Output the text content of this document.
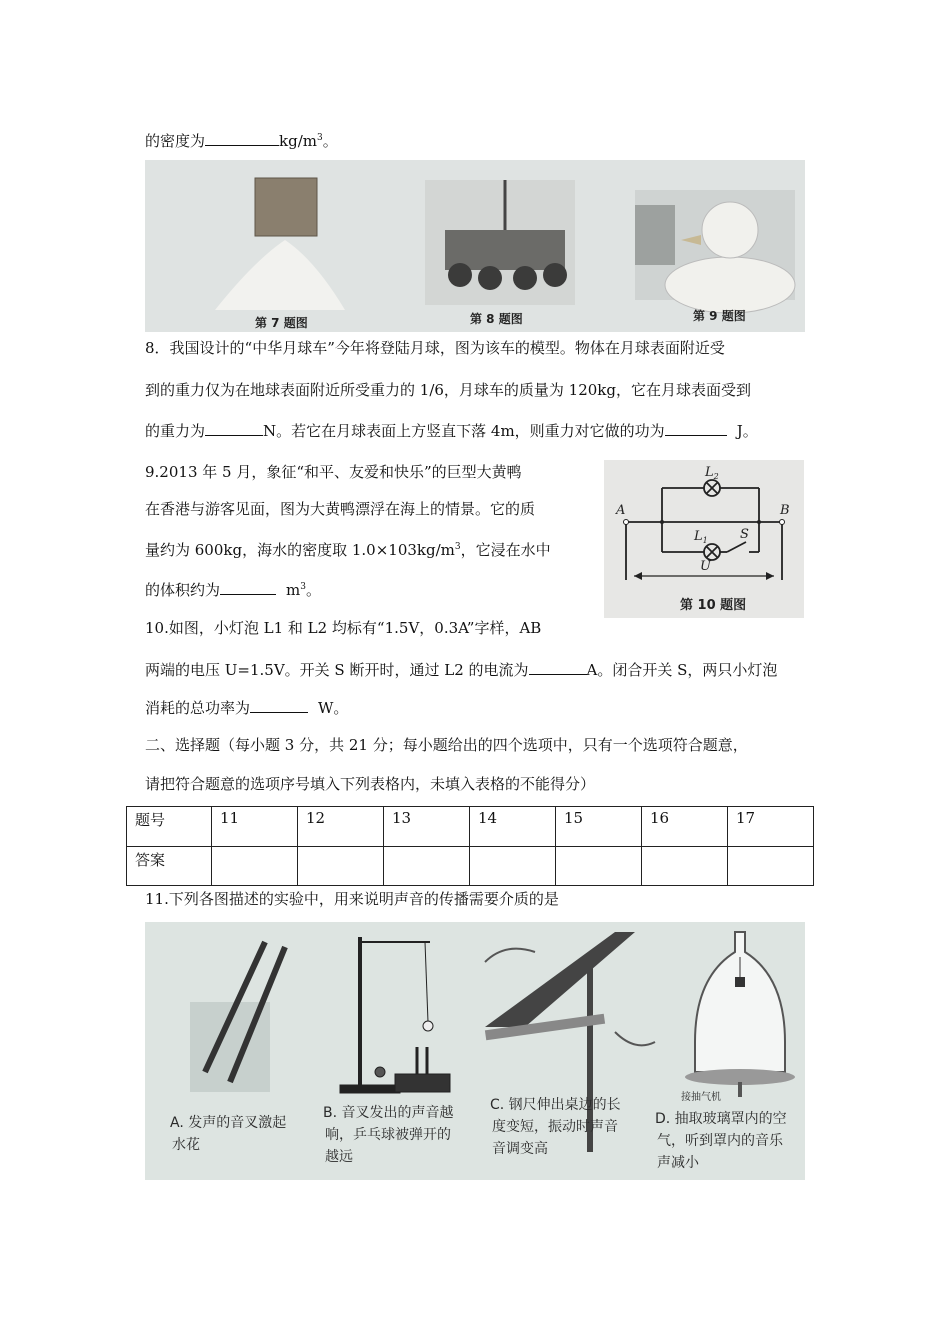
的密度为	$kg/m^3$。
第 7 题图	第 8 题图	第 9 题图
8．我国设计的“中华月球车”今年将登陆月球，图为该车的模型。物体在月球表面附近受
到的重力仅为在地球表面附近所受重力的 1/6，月球车的质量为 120kg，它在月球表面受到
的重力为	N。若它在月球表面上方竖直下落 4m，则重力对它做的功为	J。
9.2013 年 5 月，象征“和平、友爱和快乐”的巨型大黄鸭
在香港与游客见面，图为大黄鸭漂浮在海上的情景。它的质
量约为 600kg，海水的密度取 $1.0\times 103kg/m^3$，它浸在水中
的体积约为	$m^3$。
A	B
$L_2$
$L_1$ S
U
第 10 题图
10.如图，小灯泡 L1 和 L2 均标有“1.5V，0.3A”字样，AB
两端的电压 U=1.5V。开关 S 断开时，通过 L2 的电流为	A。闭合开关 S，两只小灯泡
消耗的总功率为	W。
二、选择题（每小题 3 分，共 21 分；每小题给出的四个选项中，只有一个选项符合题意，
请把符合题意的选项序号填入下列表格内，未填入表格的不能得分）
题号	11	12	13	14	15	16	17
答案							
11.下列各图描述的实验中，用来说明声音的传播需要介质的是
接抽气机
A. 发声的音叉激起
水花
B. 音叉发出的声音越
响，乒乓球被弹开的
越远
C. 钢尺伸出桌边的长
度变短，振动时声音
音调变高
D. 抽取玻璃罩内的空
气，听到罩内的音乐
声减小
